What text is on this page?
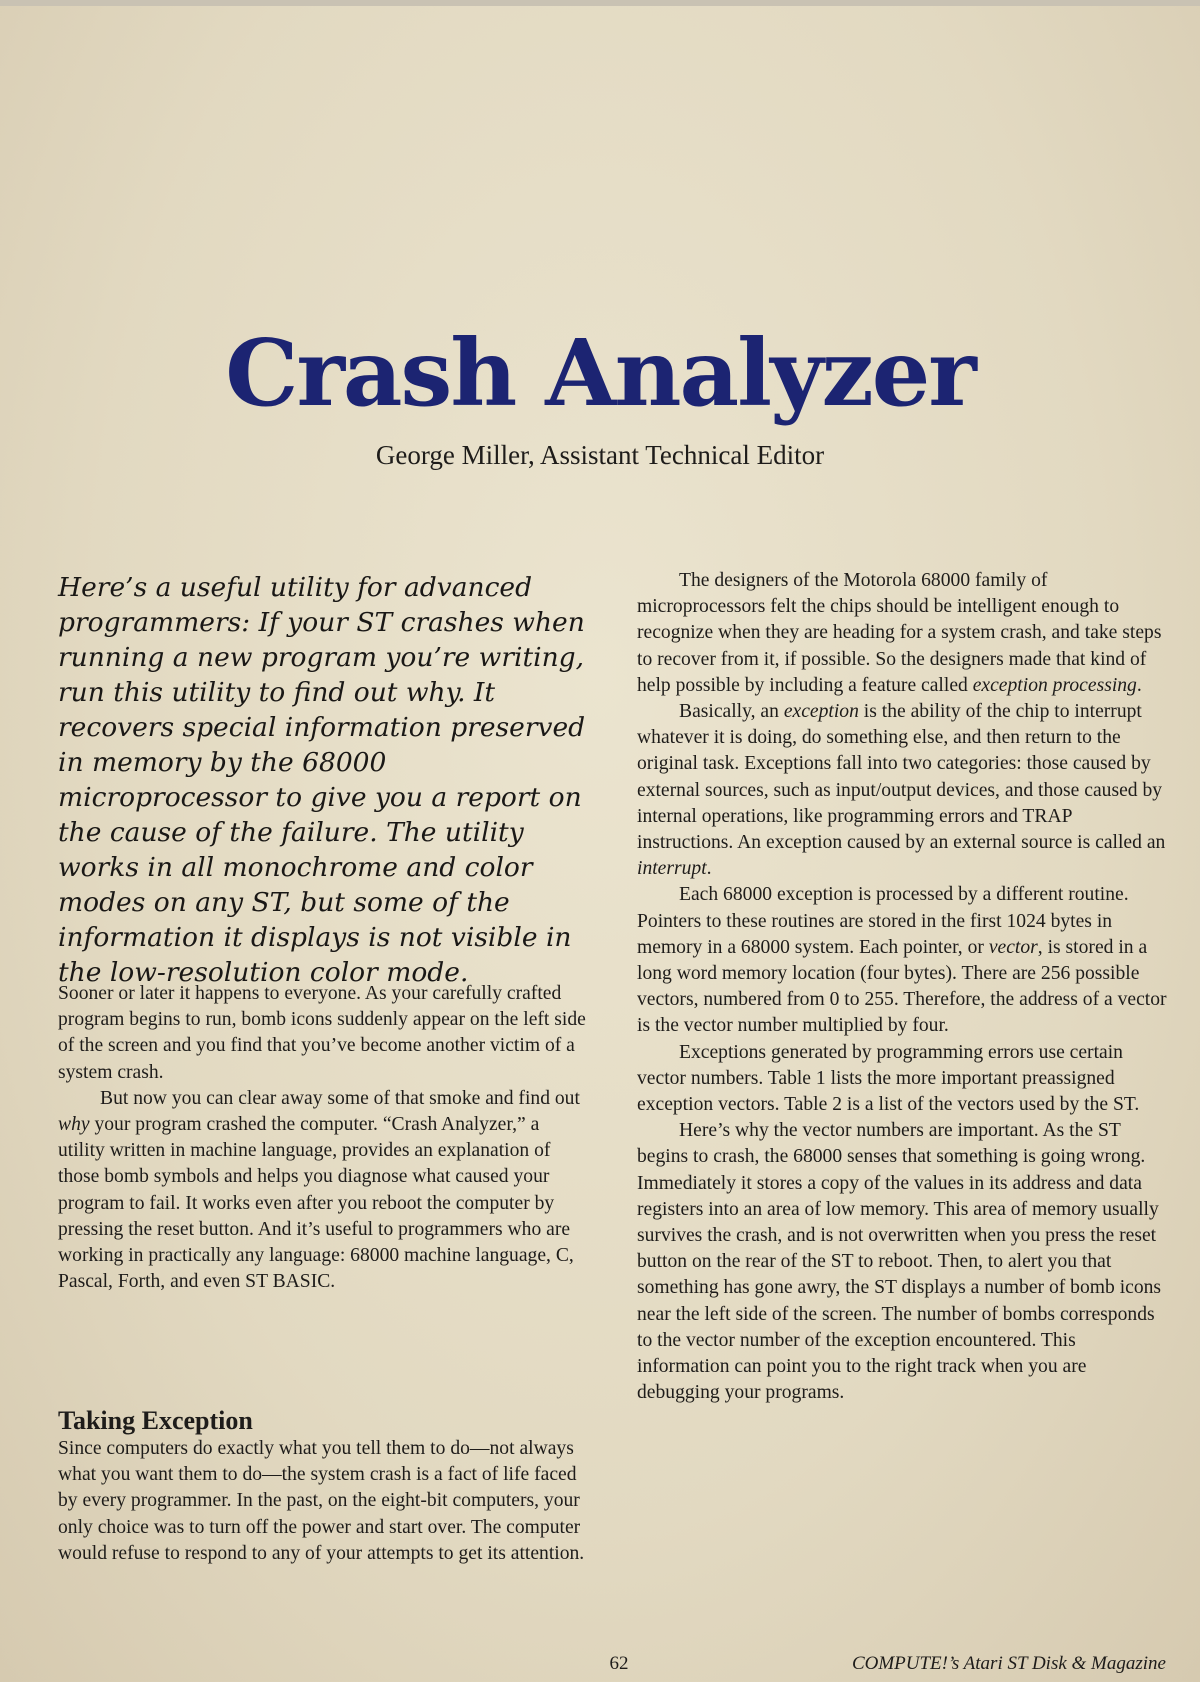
Crash Analyzer

George Miller, Assistant Technical Editor

Here’s a useful utility for advanced programmers: If your ST crashes when running a new program you’re writing, run this utility to find out why. It recovers special information preserved in memory by the 68000 microprocessor to give you a report on the cause of the failure. The utility works in all monochrome and color modes on any ST, but some of the information it displays is not visible in the low-resolution color mode.

Sooner or later it happens to everyone. As your carefully crafted program begins to run, bomb icons suddenly appear on the left side of the screen and you find that you’ve become another victim of a system crash.

But now you can clear away some of that smoke and find out why your program crashed the computer. “Crash Analyzer,” a utility written in machine language, provides an explanation of those bomb symbols and helps you diagnose what caused your program to fail. It works even after you reboot the computer by pressing the reset button. And it’s useful to programmers who are working in practically any language: 68000 machine language, C, Pascal, Forth, and even ST BASIC.

Taking Exception

Since computers do exactly what you tell them to do—not always what you want them to do—the system crash is a fact of life faced by every programmer. In the past, on the eight-bit computers, your only choice was to turn off the power and start over. The computer would refuse to respond to any of your attempts to get its attention.

The designers of the Motorola 68000 family of microprocessors felt the chips should be intelligent enough to recognize when they are heading for a system crash, and take steps to recover from it, if possible. So the designers made that kind of help possible by including a feature called exception processing.

Basically, an exception is the ability of the chip to interrupt whatever it is doing, do something else, and then return to the original task. Exceptions fall into two categories: those caused by external sources, such as input/output devices, and those caused by internal operations, like programming errors and TRAP instructions. An exception caused by an external source is called an interrupt.

Each 68000 exception is processed by a different routine. Pointers to these routines are stored in the first 1024 bytes in memory in a 68000 system. Each pointer, or vector, is stored in a long word memory location (four bytes). There are 256 possible vectors, numbered from 0 to 255. Therefore, the address of a vector is the vector number multiplied by four.

Exceptions generated by programming errors use certain vector numbers. Table 1 lists the more important preassigned exception vectors. Table 2 is a list of the vectors used by the ST.

Here’s why the vector numbers are important. As the ST begins to crash, the 68000 senses that something is going wrong. Immediately it stores a copy of the values in its address and data registers into an area of low memory. This area of memory usually survives the crash, and is not overwritten when you press the reset button on the rear of the ST to reboot. Then, to alert you that something has gone awry, the ST displays a number of bomb icons near the left side of the screen. The number of bombs corresponds to the vector number of the exception encountered. This information can point you to the right track when you are debugging your programs.

62	COMPUTE!’s Atari ST Disk & Magazine
